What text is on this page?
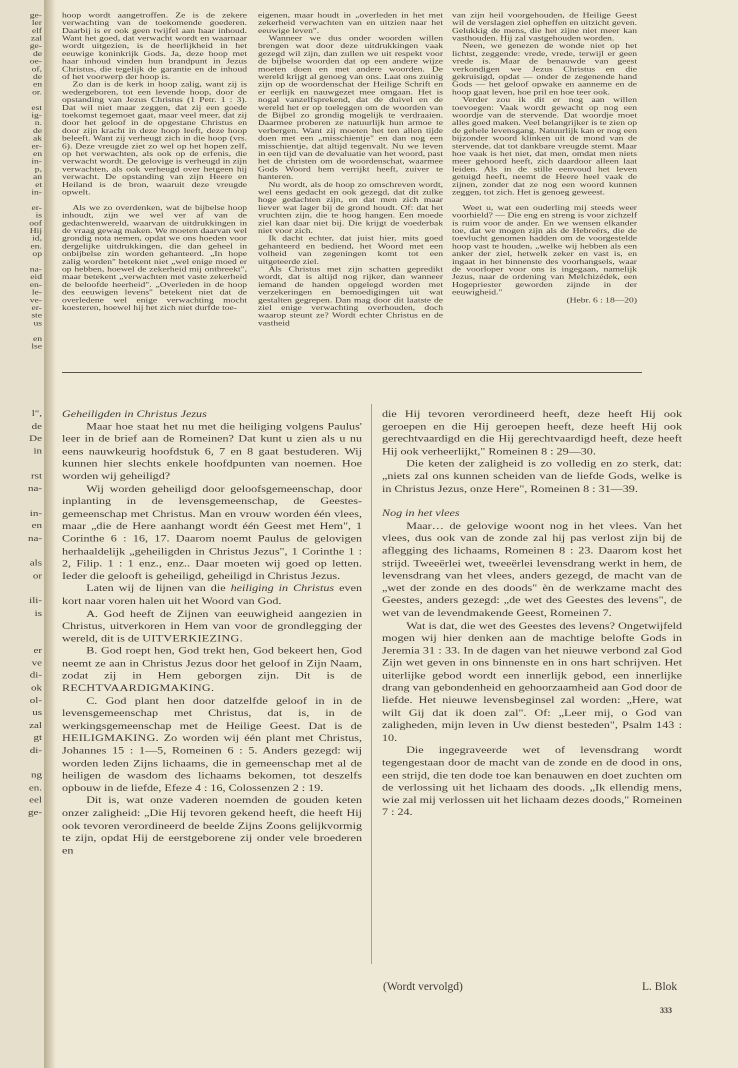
ge-
ler
elf
zal
ge-
de
oe-
of,
de
en
or.
est
ig-
n.
de
ak
er-
en
in-
p,
an
et
in-
er-
is
oof
Hij
id,
en.
op
na-
eid
en-
le-
ve-
er-
ste
us
en
lse
l",
de
De
in
rst
na-
in-
en
na-
als
or
ili-
is
er
ve
di-
ok
ol-
us
zal
gt
di-
ng
en.
eel
ge-

hoop wordt aangetroffen. Ze is de zekere verwachting van de toekomende goederen. Daarbij is er ook geen twijfel aan haar inhoud. Want het goed, dat verwacht wordt en waarnaar wordt uitgezien, is de heerlijkheid in het eeuwige koninkrijk Gods. Ja, deze hoop met haar inhoud vinden hun brandpunt in Jezus Christus, die tegelijk de garantie en de inhoud of het voorwerp der hoop is.

Zo dan is de kerk in hoop zalig, want zij is wedergeboren, tot een levende hoop, door de opstanding van Jezus Christus (1 Petr. 1 : 3). Dat wil niet maar zeggen, dat zij een goede toekomst tegemoet gaat, maar veel meer, dat zij door het geloof in de opgestane Christus en door zijn kracht in deze hoop leeft, deze hoop beleeft. Want zij verheugt zich in die hoop (vrs. 6). Deze vreugde ziet zo wel op het hopen zelf, op het verwachten, als ook op de erfenis, die verwacht wordt. De gelovige is verheugd in zijn verwachten, als ook verheugd over hetgeen hij verwacht. De opstanding van zijn Heere en Heiland is de bron, waaruit deze vreugde opwelt.

Als we zo overdenken, wat de bijbelse hoop inhoudt, zijn we wel ver af van de gedachtenwereld, waarvan de uitdrukkingen in de vraag gewag maken. We moeten daarvan wel grondig nota nemen, opdat we ons hoeden voor dergelijke uitdrukkingen, die dan geheel in onbijbelse zin worden gehanteerd. „In hope zalig worden" betekent niet „wel enige moed er op hebben, hoewel de zekerheid mij ontbreekt", maar betekent „verwachten met vaste zekerheid de beloofde heerheid". „Overleden in de hoop des eeuwigen levens" betekent niet dat de overledene wel enige verwachting mocht koesteren, hoewel hij het zich niet durfde toe-

eigenen, maar houdt in „overleden in het met zekerheid verwachten van en uitzien naar het eeuwige leven".

Wanneer we dus onder woorden willen brengen wat door deze uitdrukkingen vaak gezegd wil zijn, dan zullen we uit respekt voor de bijbelse woorden dat op een andere wijze moeten doen en met andere woorden. De wereld krijgt al genoeg van ons. Laat ons zuinig zijn op de woordenschat der Heilige Schrift en er eerlijk en nauwgezet mee omgaan. Het is nogal vanzelfsprekend, dat de duivel en de wereld het er op toeleggen om de woorden van de Bijbel zo grondig mogelijk te verdraaien. Daarmee proberen ze natuurlijk hun armoe te verbergen. Want zij moeten het ten allen tijde doen met een „misschientje" en dan nog een misschientje, dat altijd tegenvalt. Nu we leven in een tijd van de devaluatie van het woord, past het de christen om de woordenschat, waarmee Gods Woord hem verrijkt heeft, zuiver te hanteren.

Nu wordt, als de hoop zo omschreven wordt, wel eens gedacht en ook gezegd, dat dit zulke hoge gedachten zijn, en dat men zich maar liever wat lager bij de grond houdt. Of: dat het vruchten zijn, die te hoog hangen. Een moede ziel kan daar niet bij. Die krijgt de voederbak niet voor zich.

Ik dacht echter, dat juist hier, mits goed gehanteerd en bediend, het Woord met een volheid van zegeningen komt tot een uitgeteerde ziel.

Als Christus met zijn schatten gepredikt wordt, dat is altijd nog rijker, dan wanneer iemand de handen opgelegd worden met verzekeringen en bemoedigingen uit wat gestalten gegrepen. Dan mag door dit laatste de ziel enige verwachting overhouden, doch waarop steunt ze? Wordt echter Christus en de vastheid

van zijn heil voorgehouden, de Heilige Geest wil de verslagen ziel opheffen en uitzicht geven. Gelukkig de mens, die het zijne niet meer kan vasthouden. Hij zal vastgehouden worden.

Neen, we genezen de wonde niet op het lichtst, zeggende: vrede, vrede, terwijl er geen vrede is. Maar de benauwde van geest verkondigen we Jezus Christus en die gekruisigd, opdat — onder de zegenende hand Gods — het geloof opwake en aanneme en de hoop gaat leven, hoe pril en hoe teer ook.

Verder zou ik dit er nog aan willen toevoegen: Vaak wordt gewacht op nog een woordje van de stervende. Dat woordje moet alles goed maken. Veel belangrijker is te zien op de gehele levensgang. Natuurlijk kan er nog een bijzonder woord klinken uit de mond van de stervende, dat tot dankbare vreugde stemt. Maar hoe vaak is het niet, dat men, omdat men niets meer gehoord heeft, zich daardoor alleen laat leiden. Als in de stille eenvoud het leven getuigd heeft, neemt de Heere heel vaak de zijnen, zonder dat ze nog een woord kunnen zeggen, tot zich. Het is genoeg geweest.

Weet u, wat een ouderling mij steeds weer voorhield? — Die eng en streng is voor zichzelf is ruim voor de ander. En we wensen elkander toe, dat we mogen zijn als de Hebreërs, die de toevlucht genomen hadden om de voorgestelde hoop vast te houden, „welke wij hebben als een anker der ziel, hetwelk zeker en vast is, en ingaat in het binnenste des voorhangsels, waar de voorloper voor ons is ingegaan, namelijk Jezus, naar de ordening van Melchizédek, een Hogepriester geworden zijnde in der eeuwigheid."

(Hebr. 6 : 18—20)

Geheiligden in Christus Jezus

Maar hoe staat het nu met die heiliging volgens Paulus' leer in de brief aan de Romeinen? Dat kunt u zien als u nu eens nauwkeurig hoofdstuk 6, 7 en 8 gaat bestuderen. Wij kunnen hier slechts enkele hoofdpunten van noemen. Hoe worden wij geheiligd?

Wij worden geheiligd door geloofsgemeenschap, door inplanting in de levensgemeenschap, de Geestes-gemeenschap met Christus. Man en vrouw worden één vlees, maar „die de Here aanhangt wordt één Geest met Hem", 1 Corinthe 6 : 16, 17. Daarom noemt Paulus de gelovigen herhaaldelijk „geheiligden in Christus Jezus", 1 Corinthe 1 : 2, Filip. 1 : 1 enz., enz.. Daar moeten wij goed op letten. Ieder die gelooft is geheiligd, geheiligd in Christus Jezus.

Laten wij de lijnen van die heiliging in Christus even kort naar voren halen uit het Woord van God.

A. God heeft de Zijnen van eeuwigheid aangezien in Christus, uitverkoren in Hem van voor de grondlegging der wereld, dit is de UITVERKIEZING.

B. God roept hen, God trekt hen, God bekeert hen, God neemt ze aan in Christus Jezus door het geloof in Zijn Naam, zodat zij in Hem geborgen zijn. Dit is de RECHTVAARDIGMAKING.

C. God plant hen door datzelfde geloof in in de levensgemeenschap met Christus, dat is, in de werkingsgemeenschap met de Heilige Geest. Dat is de HEILIGMAKING. Zo worden wij één plant met Christus, Johannes 15 : 1—5, Romeinen 6 : 5. Anders gezegd: wij worden leden Zijns lichaams, die in gemeenschap met al de heiligen de wasdom des lichaams bekomen, tot deszelfs opbouw in de liefde, Efeze 4 : 16, Colossenzen 2 : 19.

Dit is, wat onze vaderen noemden de gouden keten onzer zaligheid: „Die Hij tevoren gekend heeft, die heeft Hij ook tevoren verordineerd de beelde Zijns Zoons gelijkvormig te zijn, opdat Hij de eerstgeborene zij onder vele broederen en

die Hij tevoren verordineerd heeft, deze heeft Hij ook geroepen en die Hij geroepen heeft, deze heeft Hij ook gerechtvaardigd en die Hij gerechtvaardigd heeft, deze heeft Hij ook verheerlijkt," Romeinen 8 : 29—30.

Die keten der zaligheid is zo volledig en zo sterk, dat: „niets zal ons kunnen scheiden van de liefde Gods, welke is in Christus Jezus, onze Here", Romeinen 8 : 31—39.

Nog in het vlees

Maar… de gelovige woont nog in het vlees. Van het vlees, dus ook van de zonde zal hij pas verlost zijn bij de aflegging des lichaams, Romeinen 8 : 23. Daarom kost het strijd. Tweeërlei wet, tweeërlei levensdrang werkt in hem, de levensdrang van het vlees, anders gezegd, de macht van de „wet der zonde en des doods" èn de werkzame macht des Geestes, anders gezegd: „de wet des Geestes des levens", de wet van de levendmakende Geest, Romeinen 7.

Wat is dat, die wet des Geestes des levens? Ongetwijfeld mogen wij hier denken aan de machtige belofte Gods in Jeremia 31 : 33. In de dagen van het nieuwe verbond zal God Zijn wet geven in ons binnenste en in ons hart schrijven. Het uiterlijke gebod wordt een innerlijk gebod, een innerlijke drang van gebondenheid en gehoorzaamheid aan God door de liefde. Het nieuwe levensbeginsel zal worden: „Here, wat wilt Gij dat ik doen zal". Of: „Leer mij, o God van zaligheden, mijn leven in Uw dienst besteden", Psalm 143 : 10.

Die ingegraveerde wet of levensdrang wordt tegengestaan door de macht van de zonde en de dood in ons, een strijd, die ten dode toe kan benauwen en doet zuchten om de verlossing uit het lichaam des doods. „Ik ellendig mens, wie zal mij verlossen uit het lichaam dezes doods," Romeinen 7 : 24.

(Wordt vervolgd)	L. Blok
333
